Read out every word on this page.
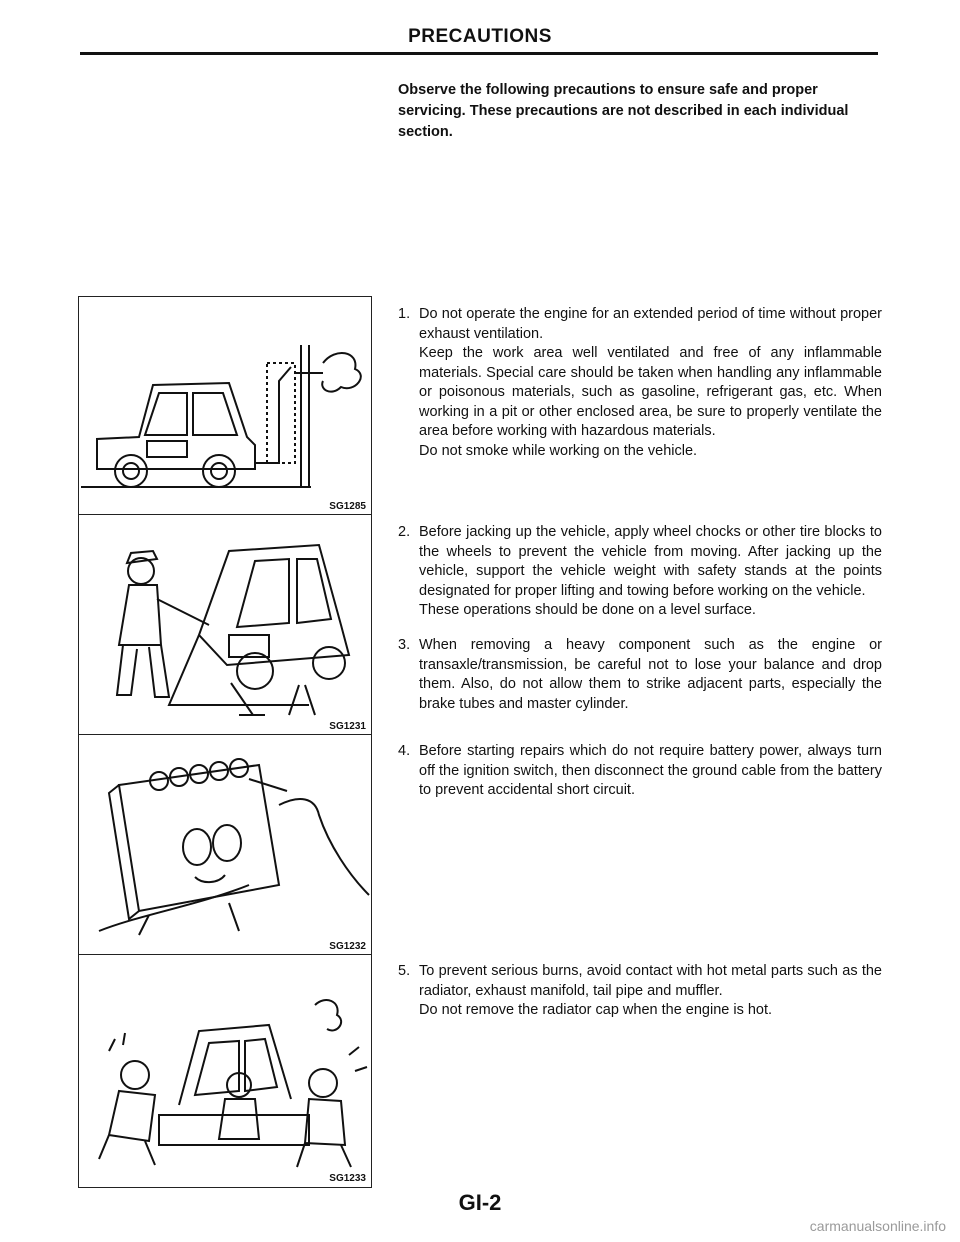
PRECAUTIONS
Observe the following precautions to ensure safe and proper servicing. These precautions are not described in each individual section.
SG1285
SG1231
SG1232
SG1233
1. Do not operate the engine for an extended period of time without proper exhaust ventilation.
Keep the work area well ventilated and free of any inflammable materials. Special care should be taken when handling any inflammable or poisonous materials, such as gasoline, refrigerant gas, etc. When working in a pit or other enclosed area, be sure to properly ventilate the area before working with hazardous materials.
Do not smoke while working on the vehicle.
2. Before jacking up the vehicle, apply wheel chocks or other tire blocks to the wheels to prevent the vehicle from moving. After jacking up the vehicle, support the vehicle weight with safety stands at the points designated for proper lifting and towing before working on the vehicle.
These operations should be done on a level surface.
3. When removing a heavy component such as the engine or transaxle/transmission, be careful not to lose your balance and drop them. Also, do not allow them to strike adjacent parts, especially the brake tubes and master cylinder.
4. Before starting repairs which do not require battery power, always turn off the ignition switch, then disconnect the ground cable from the battery to prevent accidental short circuit.
5. To prevent serious burns, avoid contact with hot metal parts such as the radiator, exhaust manifold, tail pipe and muffler.
Do not remove the radiator cap when the engine is hot.
GI-2
carmanualsonline.info
